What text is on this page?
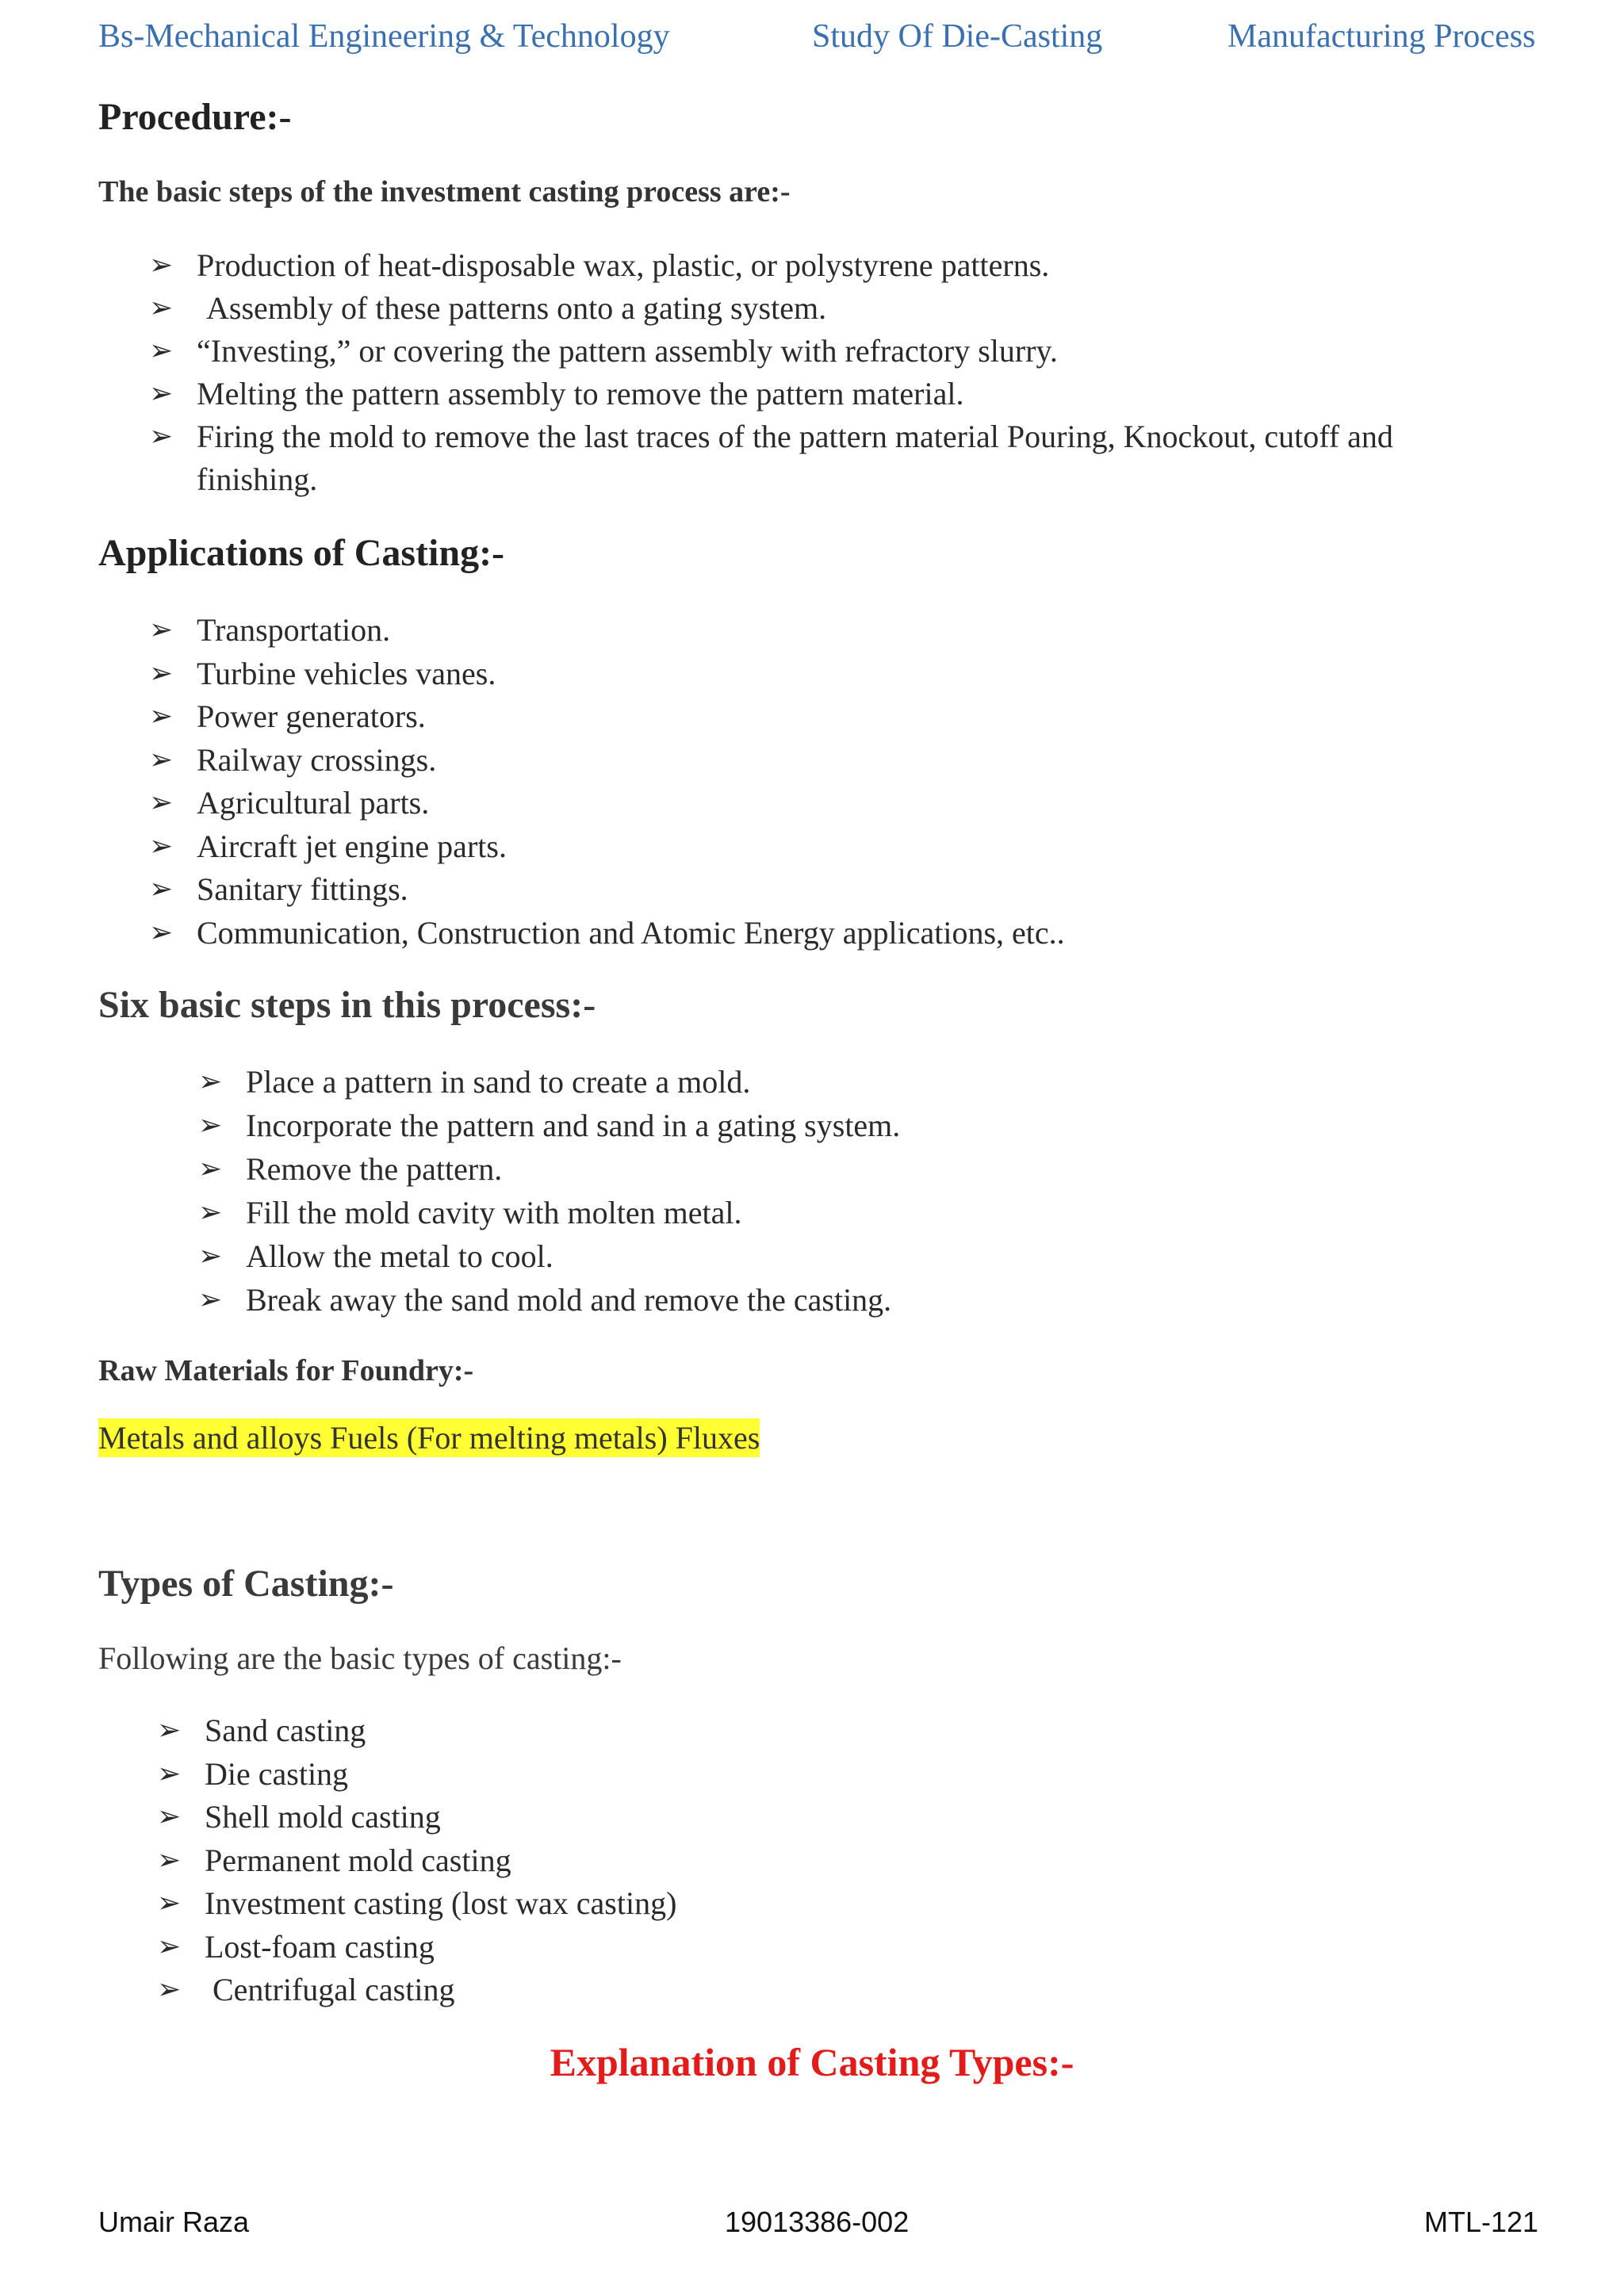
Bs-Mechanical Engineering & Technology	Study Of Die-Casting	Manufacturing Process
Procedure:-
The basic steps of the investment casting process are:-
➢ Production of heat-disposable wax, plastic, or polystyrene patterns.
➢ Assembly of these patterns onto a gating system.
➢ “Investing,” or covering the pattern assembly with refractory slurry.
➢ Melting the pattern assembly to remove the pattern material.
➢ Firing the mold to remove the last traces of the pattern material Pouring, Knockout, cutoff and
finishing.
Applications of Casting:-
➢ Transportation.
➢ Turbine vehicles vanes.
➢ Power generators.
➢ Railway crossings.
➢ Agricultural parts.
➢ Aircraft jet engine parts.
➢ Sanitary fittings.
➢ Communication, Construction and Atomic Energy applications, etc..
Six basic steps in this process:-
➢ Place a pattern in sand to create a mold.
➢ Incorporate the pattern and sand in a gating system.
➢ Remove the pattern.
➢ Fill the mold cavity with molten metal.
➢ Allow the metal to cool.
➢ Break away the sand mold and remove the casting.
Raw Materials for Foundry:-
Metals and alloys Fuels (For melting metals) Fluxes
Types of Casting:-
Following are the basic types of casting:-
➢ Sand casting
➢ Die casting
➢ Shell mold casting
➢ Permanent mold casting
➢ Investment casting (lost wax casting)
➢ Lost-foam casting
➢ Centrifugal casting
Explanation of Casting Types:-
Umair Raza	19013386-002	MTL-121
